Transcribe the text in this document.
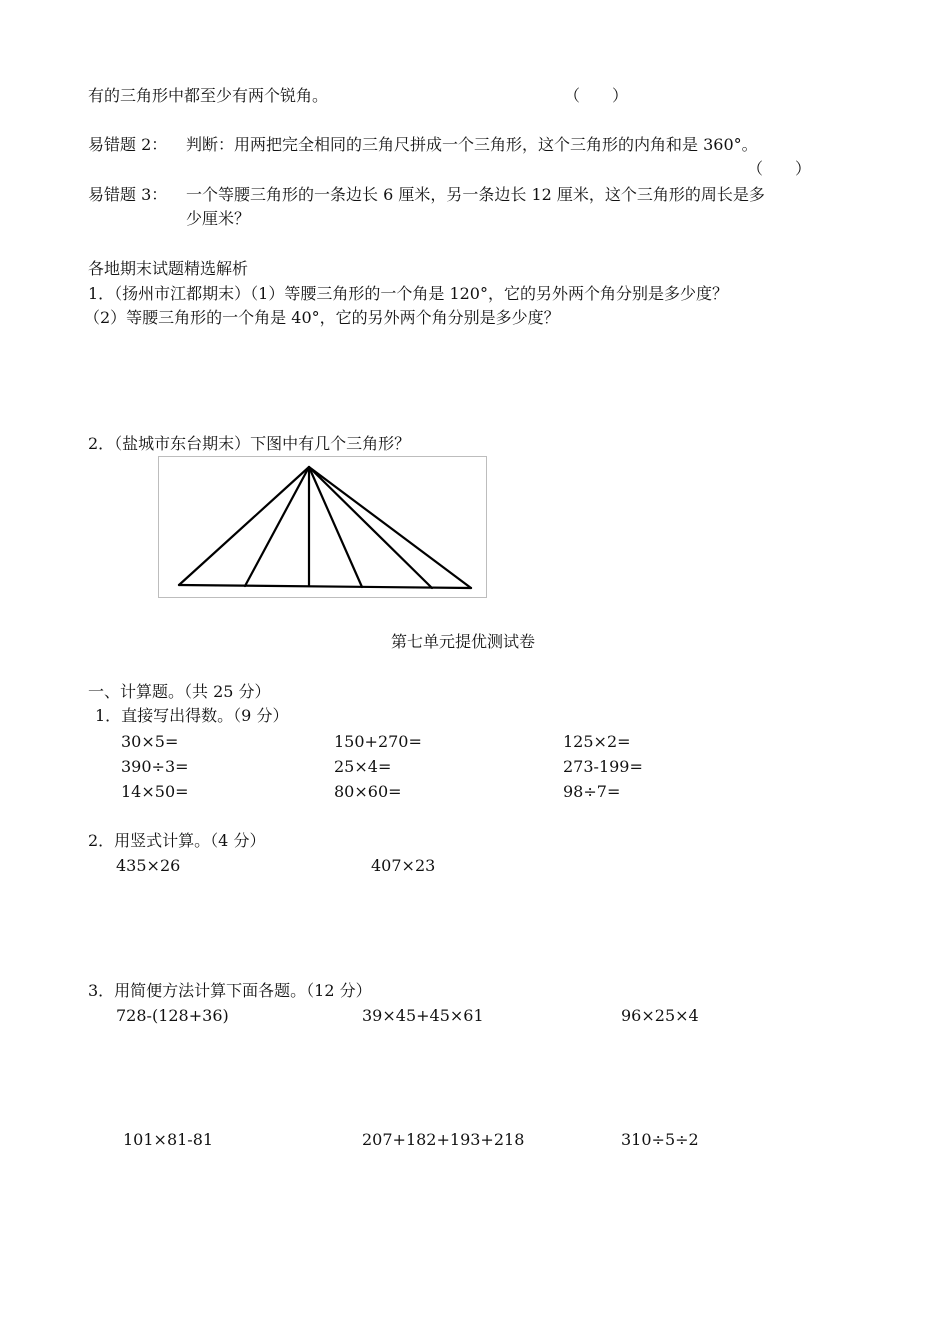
有的三角形中都至少有两个锐角。	（　　）
易错题 2： 判断：用两把完全相同的三角尺拼成一个三角形，这个三角形的内角和是 360°。
（　　）
易错题 3： 一个等腰三角形的一条边长 6 厘米，另一条边长 12 厘米，这个三角形的周长是多
少厘米？
各地期末试题精选解析
1．（扬州市江都期末）（1）等腰三角形的一个角是 120°，它的另外两个角分别是多少度？
（2）等腰三角形的一个角是 40°，它的另外两个角分别是多少度？
2．（盐城市东台期末）下图中有几个三角形？
第七单元提优测试卷
一、计算题。（共 25 分）
1．直接写出得数。（9 分）
30×5=	150+270=	125×2=
390÷3=	25×4=	273-199=
14×50=	80×60=	98÷7=
2．用竖式计算。（4 分）
435×26	407×23
3．用简便方法计算下面各题。（12 分）
728-(128+36)	39×45+45×61	96×25×4
101×81-81	207+182+193+218	310÷5÷2
